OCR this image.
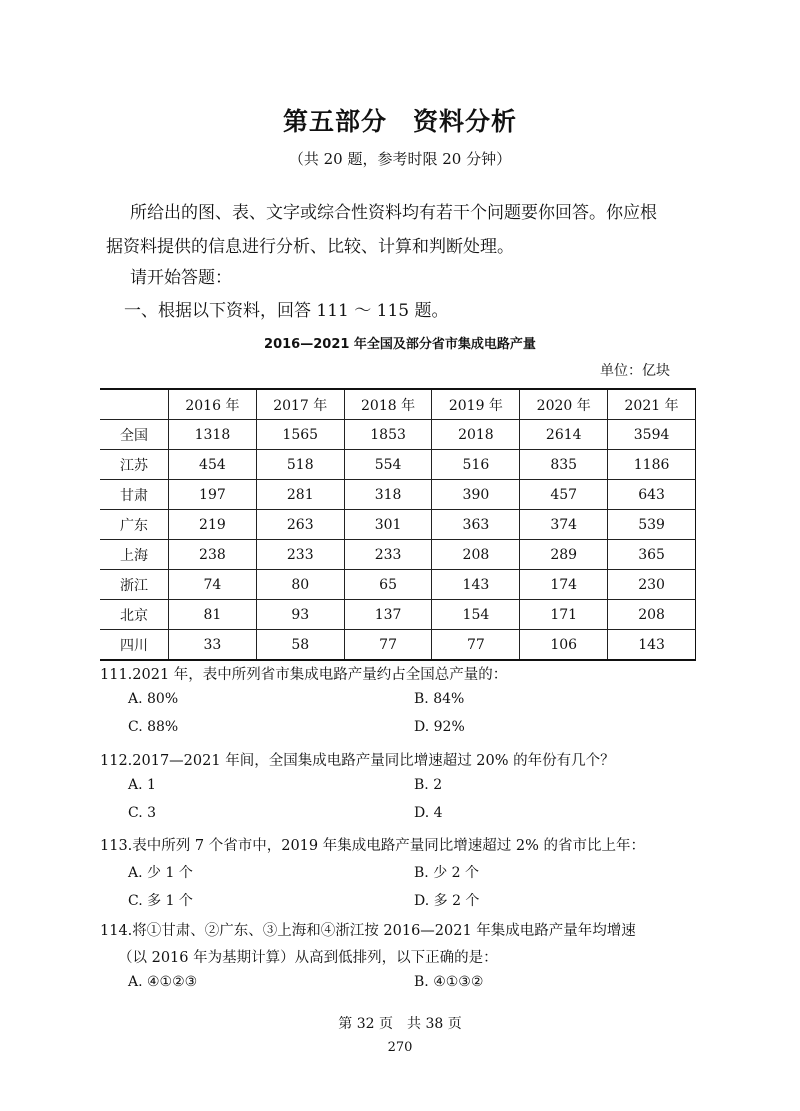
第五部分　资料分析
（共 20 题，参考时限 20 分钟）
所给出的图、表、文字或综合性资料均有若干个问题要你回答。你应根
据资料提供的信息进行分析、比较、计算和判断处理。
请开始答题：
一、根据以下资料，回答 111 ～ 115 题。
2016—2021 年全国及部分省市集成电路产量
单位：亿块
	2016 年	2017 年	2018 年	2019 年	2020 年	2021 年
全国	1318	1565	1853	2018	2614	3594
江苏	454	518	554	516	835	1186
甘肃	197	281	318	390	457	643
广东	219	263	301	363	374	539
上海	238	233	233	208	289	365
浙江	74	80	65	143	174	230
北京	81	93	137	154	171	208
四川	33	58	77	77	106	143
111.2021 年，表中所列省市集成电路产量约占全国总产量的：
A. 80%	B. 84%
C. 88%	D. 92%
112.2017—2021 年间，全国集成电路产量同比增速超过 20% 的年份有几个？
A. 1	B. 2
C. 3	D. 4
113.表中所列 7 个省市中，2019 年集成电路产量同比增速超过 2% 的省市比上年：
A. 少 1 个	B. 少 2 个
C. 多 1 个	D. 多 2 个
114.将①甘肃、②广东、③上海和④浙江按 2016—2021 年集成电路产量年均增速
（以 2016 年为基期计算）从高到低排列，以下正确的是：
A. ④①②③	B. ④①③②
第 32 页　共 38 页
270
